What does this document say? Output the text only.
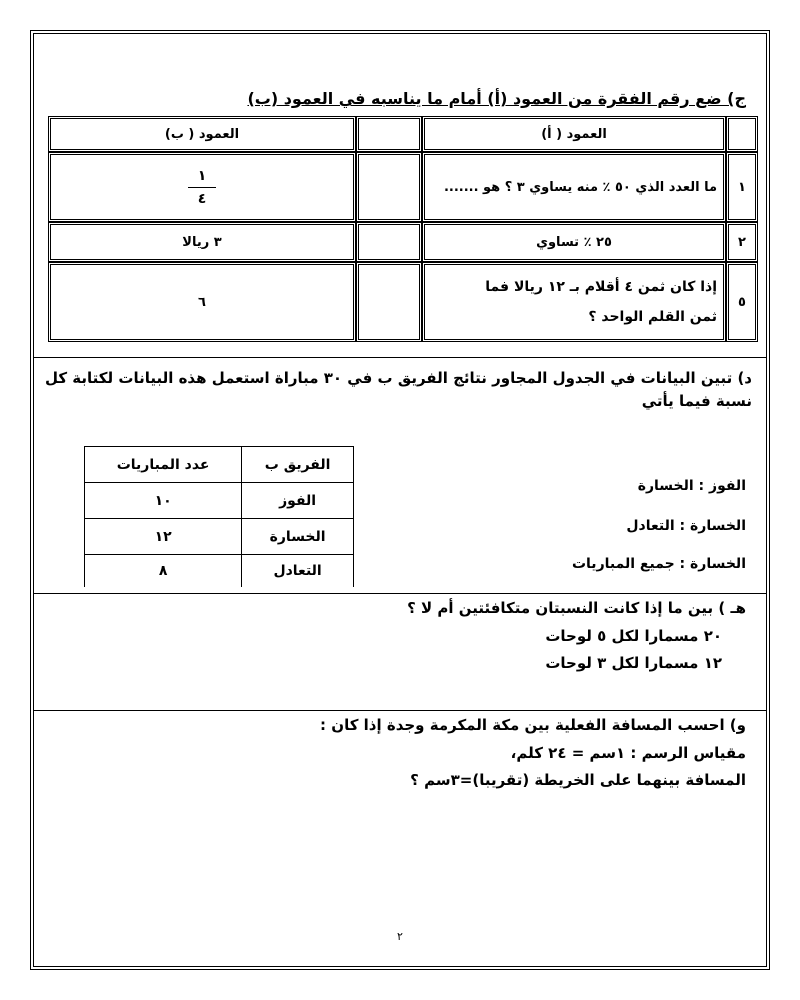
ج) ضع رقم الفقرة من العمود (أ) أمام ما يناسبه في العمود (ب)
	العمود ( أ)		العمود ( ب)
١	ما العدد الذي ٥٠ ٪ منه يساوي ٣ ؟ هو .......		$\frac{١}{٤}$

٢	٢٥ ٪ تساوي		٣ ريالا
٥	إذا كان ثمن ٤ أقلام بـ ١٢ ريالا فما
ثمن القلم الواحد ؟		٦
د) تبين البيانات في الجدول المجاور نتائج الفريق ب في ٣٠ مباراة استعمل هذه البيانات لكتابة كل نسبة فيما يأتي
الفوز : الخسارة
الخسارة : التعادل
الخسارة : جميع المباريات
الفريق ب	عدد المباريات
الفوز	١٠
الخسارة	١٢
التعادل	٨
هـ ) بين ما إذا كانت النسبتان متكافئتين أم لا ؟
٢٠ مسمارا لكل ٥ لوحات
١٢ مسمارا لكل ٣ لوحات
و) احسب المسافة الفعلية بين مكة المكرمة وجدة إذا كان :
مقياس الرسم : ١سم = ٢٤ كلم،
المسافة بينهما على الخريطة (تقريبا)=٣سم ؟
٢
